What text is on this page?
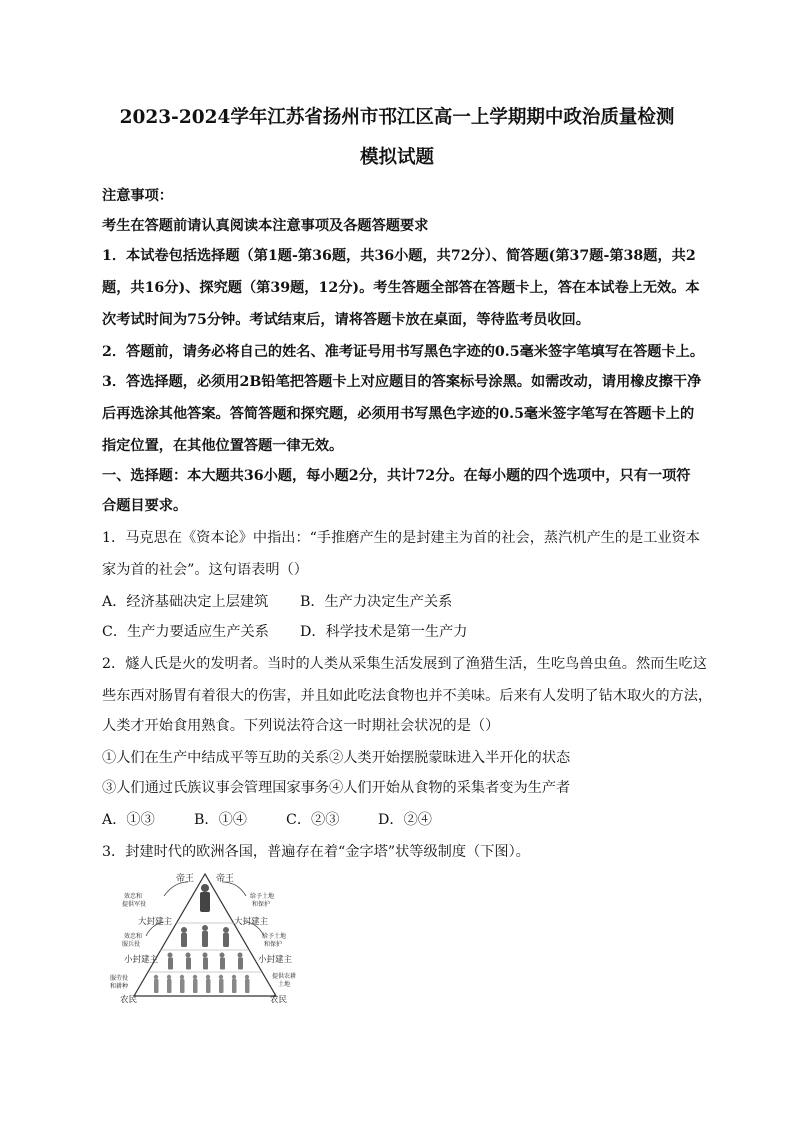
2023-2024学年江苏省扬州市邗江区高一上学期期中政治质量检测
模拟试题
注意事项：
考生在答题前请认真阅读本注意事项及各题答题要求
1．本试卷包括选择题（第1题-第36题，共36小题，共72分）、简答题(第37题-第38题，共2
题，共16分)、探究题（第39题，12分)。考生答题全部答在答题卡上，答在本试卷上无效。本
次考试时间为75分钟。考试结束后，请将答题卡放在桌面，等待监考员收回。
2．答题前，请务必将自己的姓名、准考证号用书写黑色字迹的0.5毫米签字笔填写在答题卡上。
3．答选择题，必须用2B铅笔把答题卡上对应题目的答案标号涂黑。如需改动，请用橡皮擦干净
后再选涂其他答案。答简答题和探究题，必须用书写黑色字迹的0.5毫米签字笔写在答题卡上的
指定位置，在其他位置答题一律无效。
一、选择题：本大题共36小题，每小题2分，共计72分。在每小题的四个选项中，只有一项符
合题目要求。
1．马克思在《资本论》中指出：“手推磨产生的是封建主为首的社会，蒸汽机产生的是工业资本
家为首的社会”。这句语表明（）
A．经济基础决定上层建筑 B．生产力决定生产关系
C．生产力要适应生产关系 D．科学技术是第一生产力
2．燧人氏是火的发明者。当时的人类从采集生活发展到了渔猎生活，生吃鸟兽虫鱼。然而生吃这
些东西对肠胃有着很大的伤害，并且如此吃法食物也并不美味。后来有人发明了钻木取火的方法，
人类才开始食用熟食。下列说法符合这一时期社会状况的是（）
①人们在生产中结成平等互助的关系②人类开始摆脱蒙昧进入半开化的状态
③人们通过氏族议事会管理国家事务④人们开始从食物的采集者变为生产者
A．①③	B．①④	C．②③	D．②④
3．封建时代的欧洲各国，普遍存在着“金字塔”状等级制度（下图）。
帝王 帝王
效忠和
提供军役
给予土地
和保护
大封建主	大封建主
效忠和
服兵役
给予土地
和保护
小封建主	小封建主
服劳役
和耕种
提供农耕
土地
农民	农民
